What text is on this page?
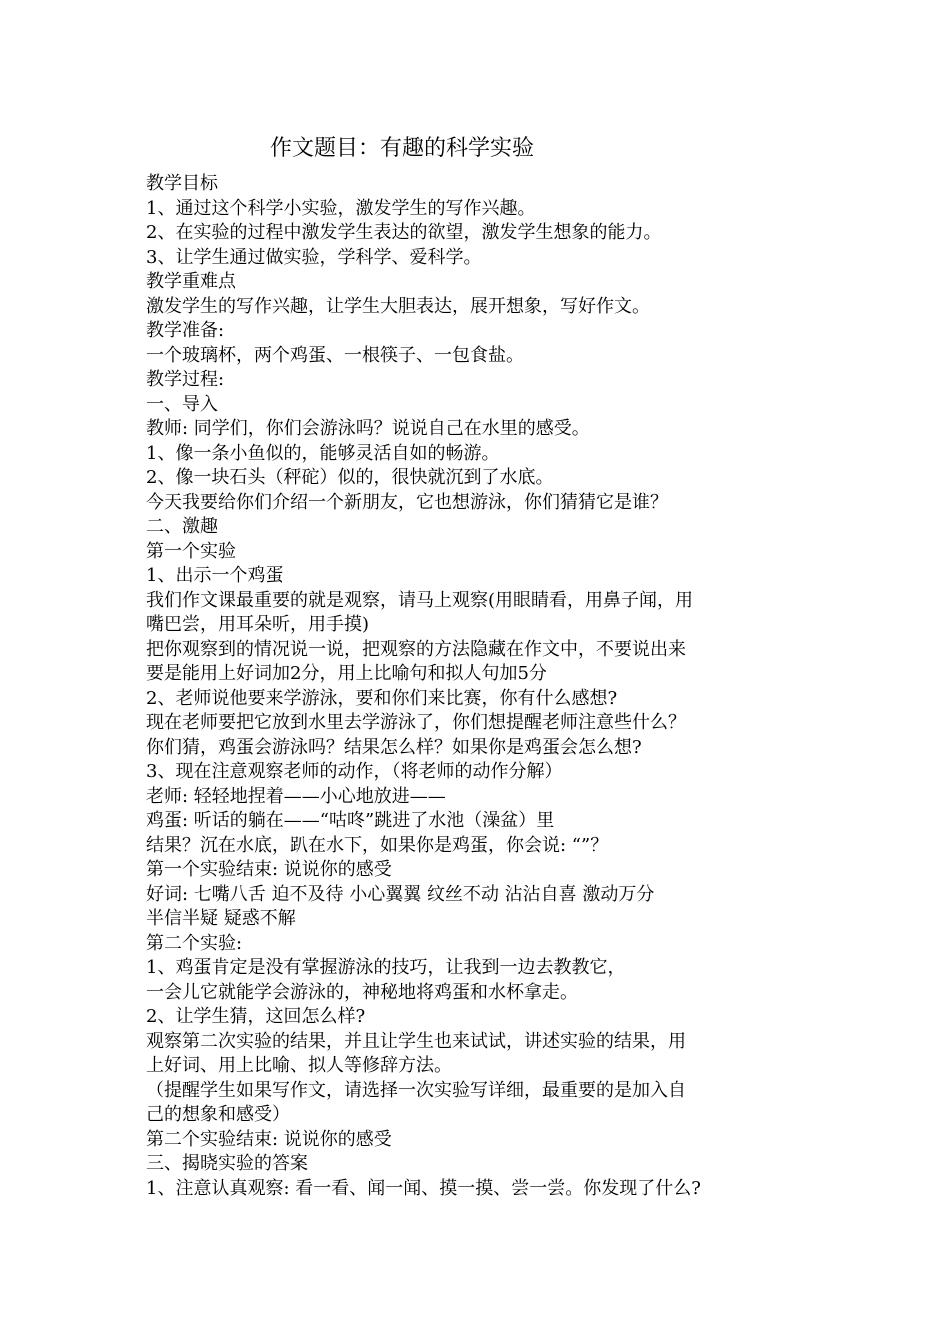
作文题目：有趣的科学实验

教学目标

1、通过这个科学小实验，激发学生的写作兴趣。

2、在实验的过程中激发学生表达的欲望，激发学生想象的能力。

3、让学生通过做实验，学科学、爱科学。

教学重难点

激发学生的写作兴趣，让学生大胆表达，展开想象，写好作文。

教学准备:

一个玻璃杯，两个鸡蛋、一根筷子、一包食盐。

教学过程:

一、导入

教师: 同学们，你们会游泳吗？说说自己在水里的感受。

1、像一条小鱼似的，能够灵活自如的畅游。

2、像一块石头（秤砣）似的，很快就沉到了水底。

今天我要给你们介绍一个新朋友，它也想游泳，你们猜猜它是谁？

二、激趣

第一个实验

1、出示一个鸡蛋

我们作文课最重要的就是观察，请马上观察(用眼睛看，用鼻子闻，用

嘴巴尝，用耳朵听，用手摸)

把你观察到的情况说一说，把观察的方法隐藏在作文中，不要说出来

要是能用上好词加2分，用上比喻句和拟人句加5分

2、老师说他要来学游泳，要和你们来比赛，你有什么感想?

现在老师要把它放到水里去学游泳了，你们想提醒老师注意些什么？

你们猜，鸡蛋会游泳吗？结果怎么样？如果你是鸡蛋会怎么想?

3、现在注意观察老师的动作，（将老师的动作分解）

老师: 轻轻地捏着——小心地放进——

鸡蛋: 听话的躺在——“咕咚”跳进了水池（澡盆）里

结果？沉在水底，趴在水下，如果你是鸡蛋，你会说: “”？

第一个实验结束: 说说你的感受

好词: 七嘴八舌 迫不及待 小心翼翼 纹丝不动 沾沾自喜 激动万分

半信半疑 疑惑不解

第二个实验:

1、鸡蛋肯定是没有掌握游泳的技巧，让我到一边去教教它，

一会儿它就能学会游泳的，神秘地将鸡蛋和水杯拿走。

2、让学生猜，这回怎么样?

观察第二次实验的结果，并且让学生也来试试，讲述实验的结果，用

上好词、用上比喻、拟人等修辞方法。

（提醒学生如果写作文，请选择一次实验写详细，最重要的是加入自

己的想象和感受）

第二个实验结束: 说说你的感受

三、揭晓实验的答案

1、注意认真观察: 看一看、闻一闻、摸一摸、尝一尝。你发现了什么?
